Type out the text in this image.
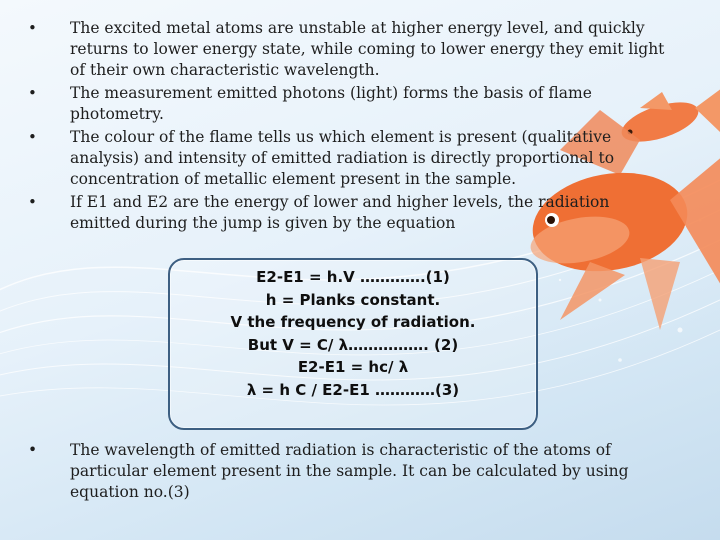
• The excited metal atoms are unstable at higher energy level, and quickly returns to lower energy state, while coming to lower energy they emit light of their own characteristic wavelength.
• The measurement emitted photons (light) forms the basis of flame photometry.
• The colour of the flame tells us which element is present (qualitative analysis) and intensity of emitted radiation is directly proportional to concentration of metallic element present in the sample.
• If E1 and E2 are the energy of lower and higher levels, the radiation emitted during the jump is given by the equation
E2-E1 = h.V ………….(1)
h = Planks constant.
V the frequency of radiation.
But V = C/ λ……………. (2)
E2-E1 = hc/ λ
λ = h C / E2-E1 …………(3)
• The wavelength of emitted radiation is characteristic of the atoms of particular element present in the sample. It can be calculated by using equation no.(3)
